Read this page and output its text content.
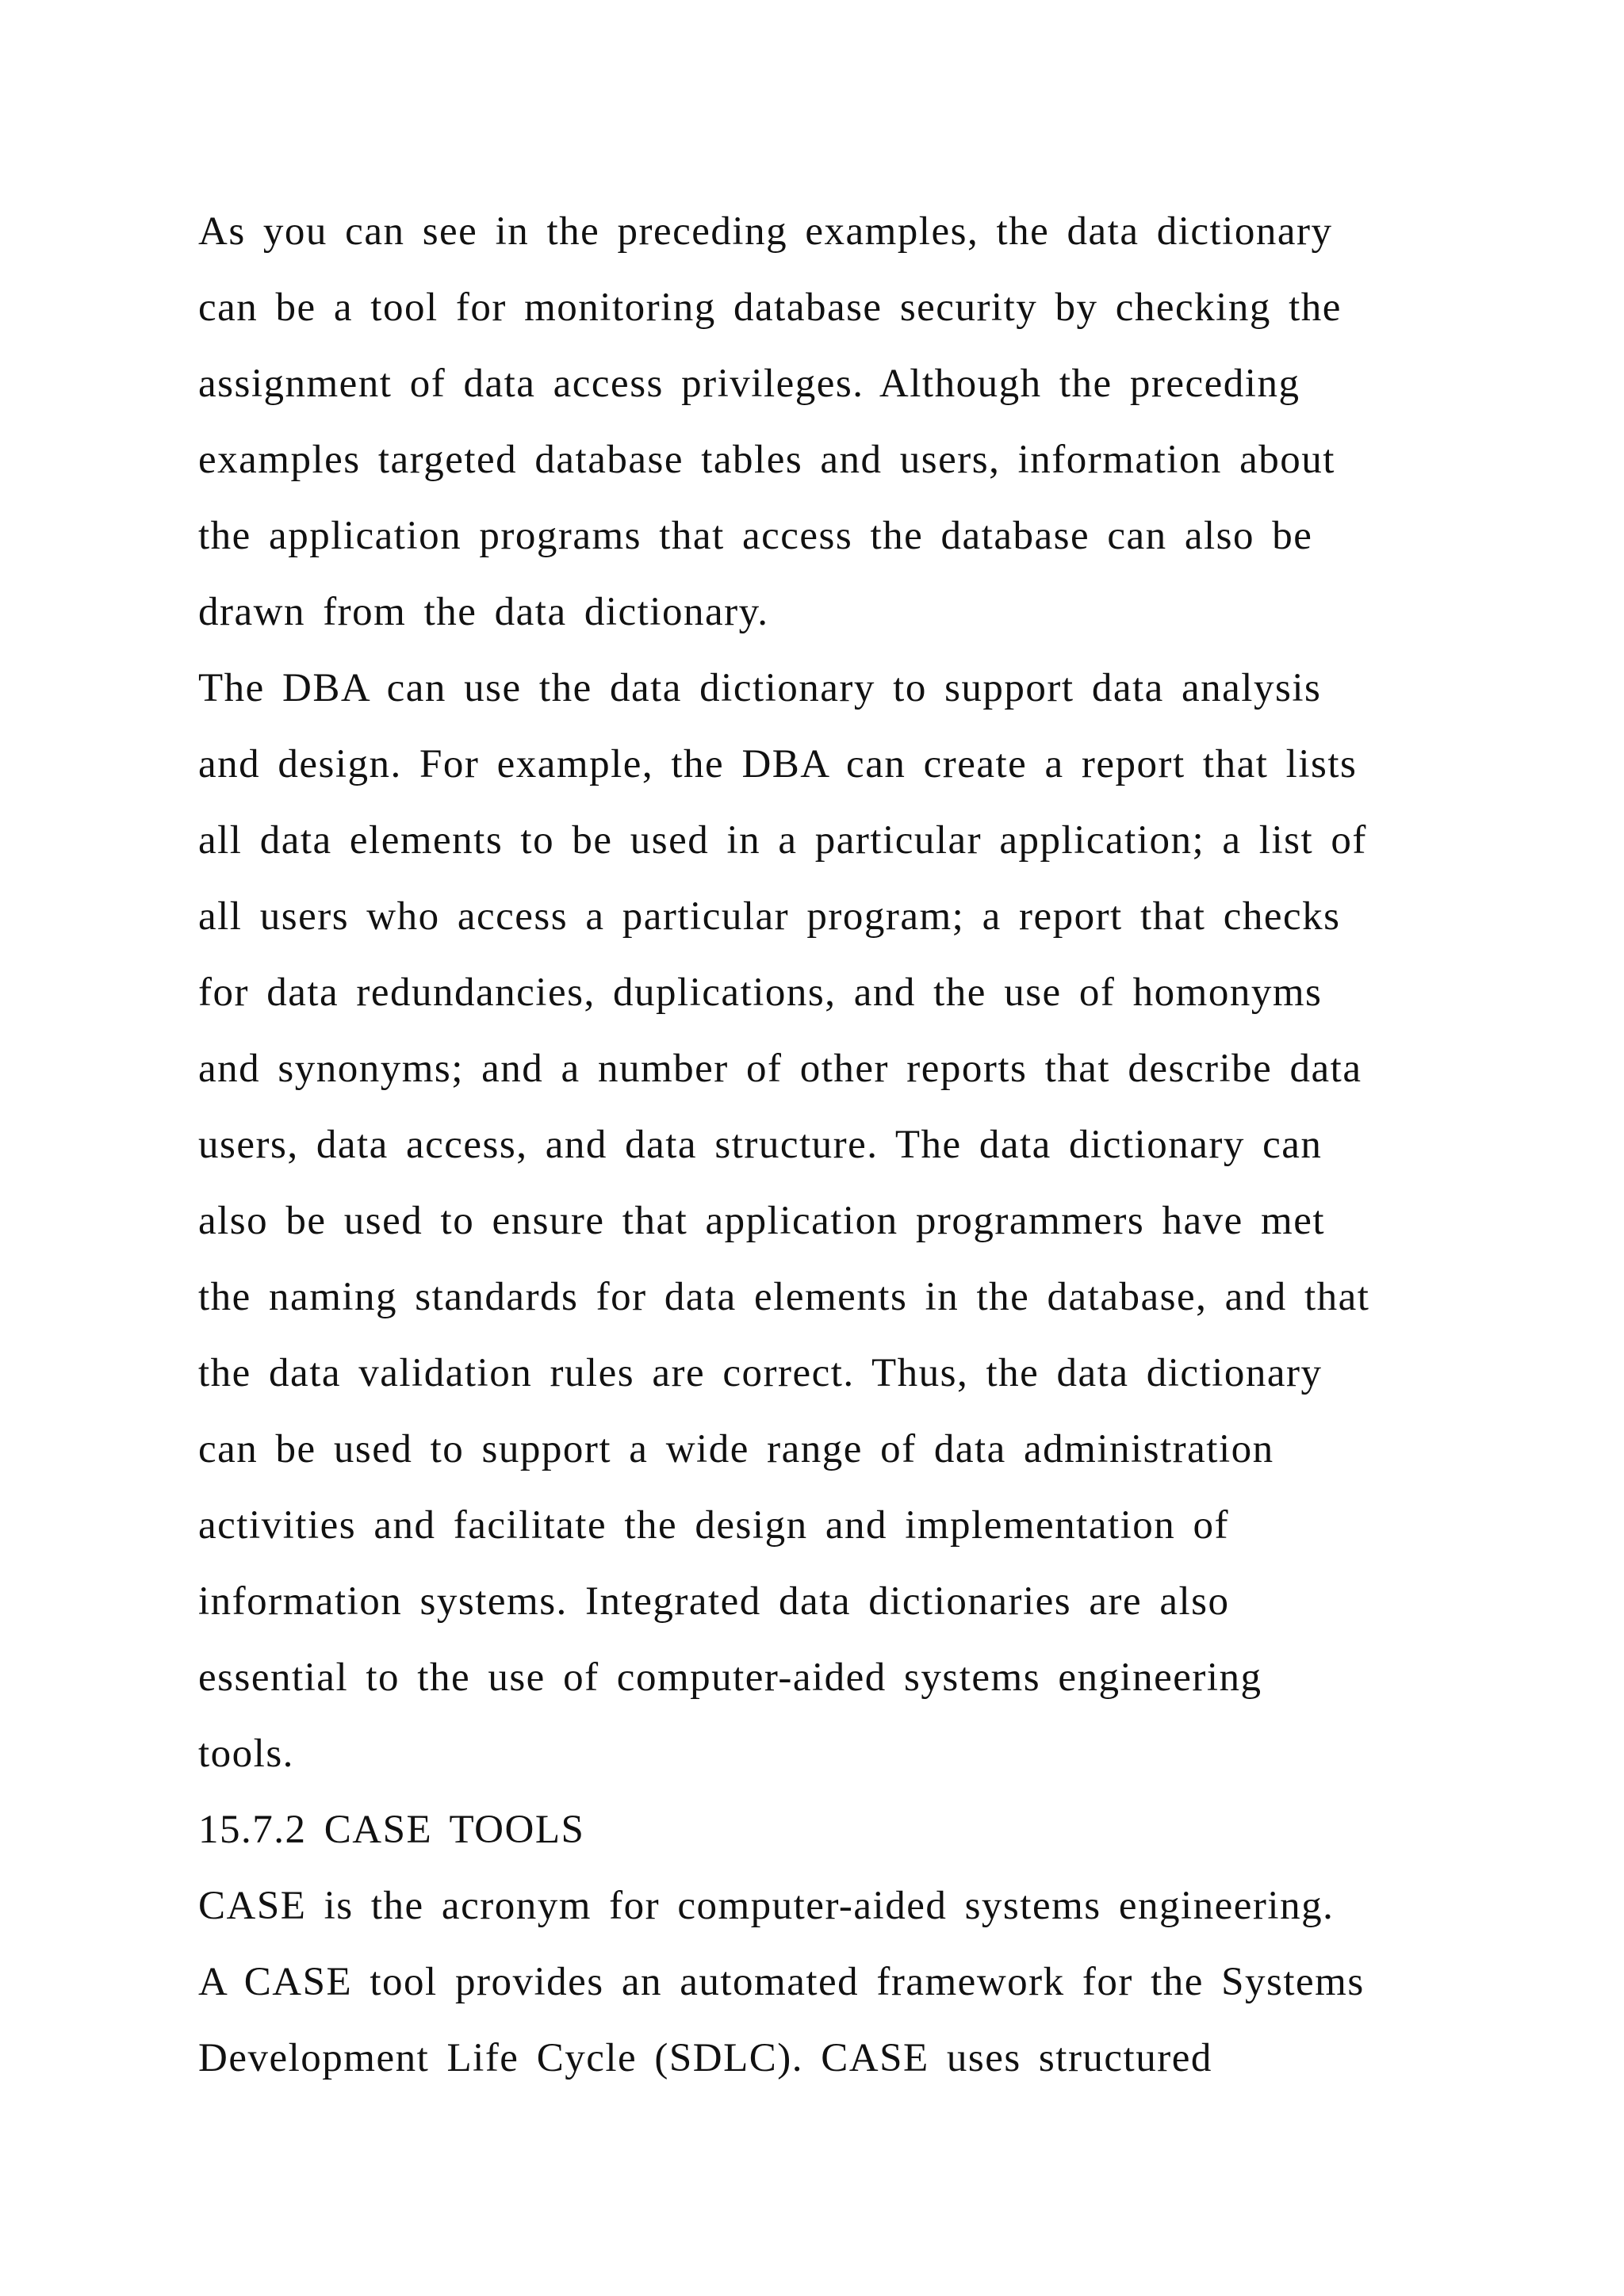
As you can see in the preceding examples, the data dictionary
can be a tool for monitoring database security by checking the
assignment of data access privileges. Although the preceding
examples targeted database tables and users, information about
the application programs that access the database can also be
drawn from the data dictionary.
The DBA can use the data dictionary to support data analysis
and design. For example, the DBA can create a report that lists
all data elements to be used in a particular application; a list of
all users who access a particular program; a report that checks
for data redundancies, duplications, and the use of homonyms
and synonyms; and a number of other reports that describe data
users, data access, and data structure. The data dictionary can
also be used to ensure that application programmers have met
the naming standards for data elements in the database, and that
the data validation rules are correct. Thus, the data dictionary
can be used to support a wide range of data administration
activities and facilitate the design and implementation of
information systems. Integrated data dictionaries are also
essential to the use of computer-aided systems engineering
tools.
15.7.2 CASE TOOLS
CASE is the acronym for computer-aided systems engineering.
A CASE tool provides an automated framework for the Systems
Development Life Cycle (SDLC). CASE uses structured
